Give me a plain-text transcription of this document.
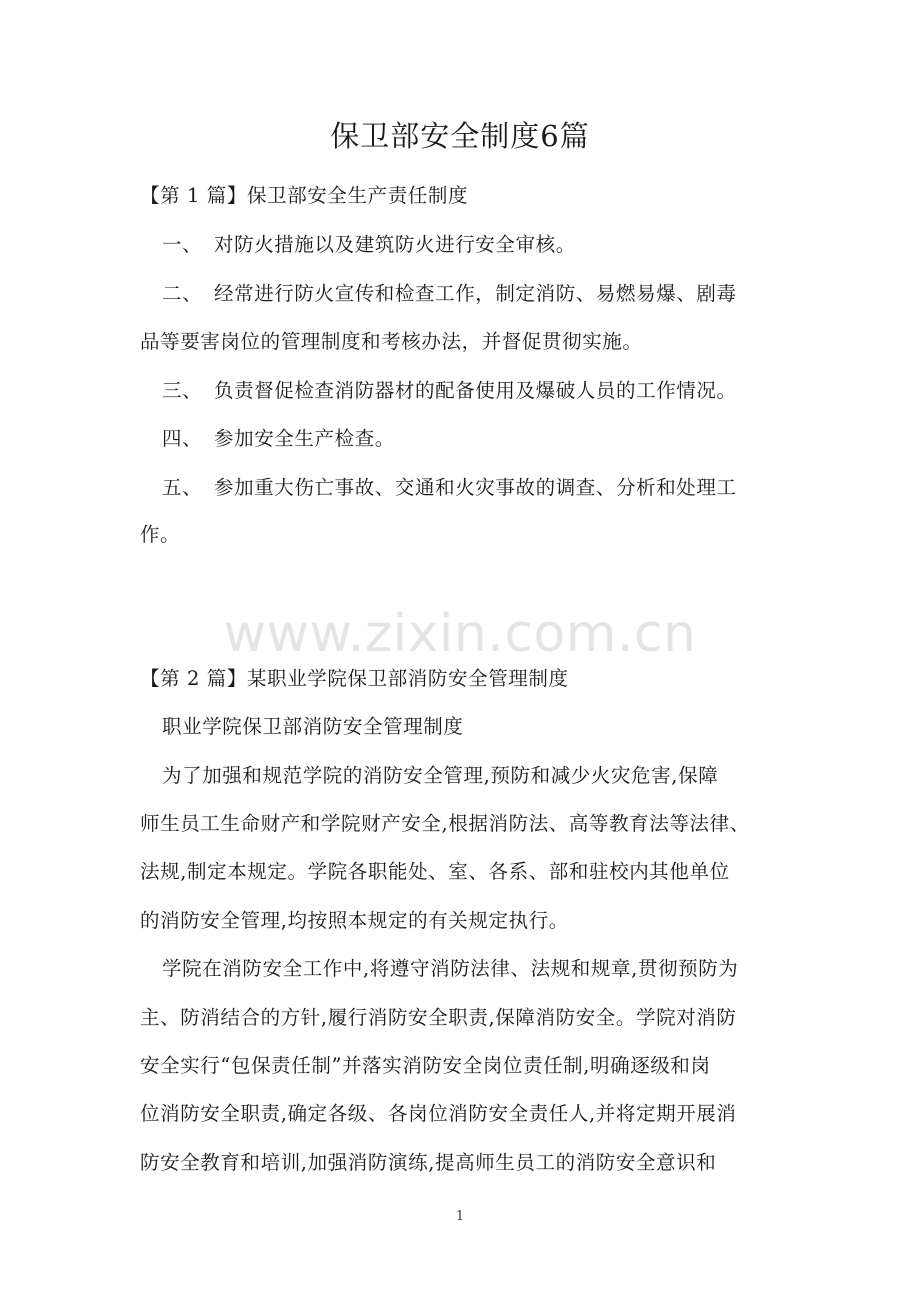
保卫部安全制度6篇
【第 1 篇】保卫部安全生产责任制度
一、 对防火措施以及建筑防火进行安全审核。
二、 经常进行防火宣传和检查工作，制定消防、易燃易爆、剧毒
品等要害岗位的管理制度和考核办法，并督促贯彻实施。
三、 负责督促检查消防器材的配备使用及爆破人员的工作情况。
四、 参加安全生产检查。
五、 参加重大伤亡事故、交通和火灾事故的调查、分析和处理工
作。
www.zixin.com.cn
【第 2 篇】某职业学院保卫部消防安全管理制度
职业学院保卫部消防安全管理制度
为了加强和规范学院的消防安全管理,预防和减少火灾危害,保障
师生员工生命财产和学院财产安全,根据消防法、高等教育法等法律、
法规,制定本规定。学院各职能处、室、各系、部和驻校内其他单位
的消防安全管理,均按照本规定的有关规定执行。
学院在消防安全工作中,将遵守消防法律、法规和规章,贯彻预防为
主、防消结合的方针,履行消防安全职责,保障消防安全。学院对消防
安全实行“包保责任制”并落实消防安全岗位责任制,明确逐级和岗
位消防安全职责,确定各级、各岗位消防安全责任人,并将定期开展消
防安全教育和培训,加强消防演练,提高师生员工的消防安全意识和
1
